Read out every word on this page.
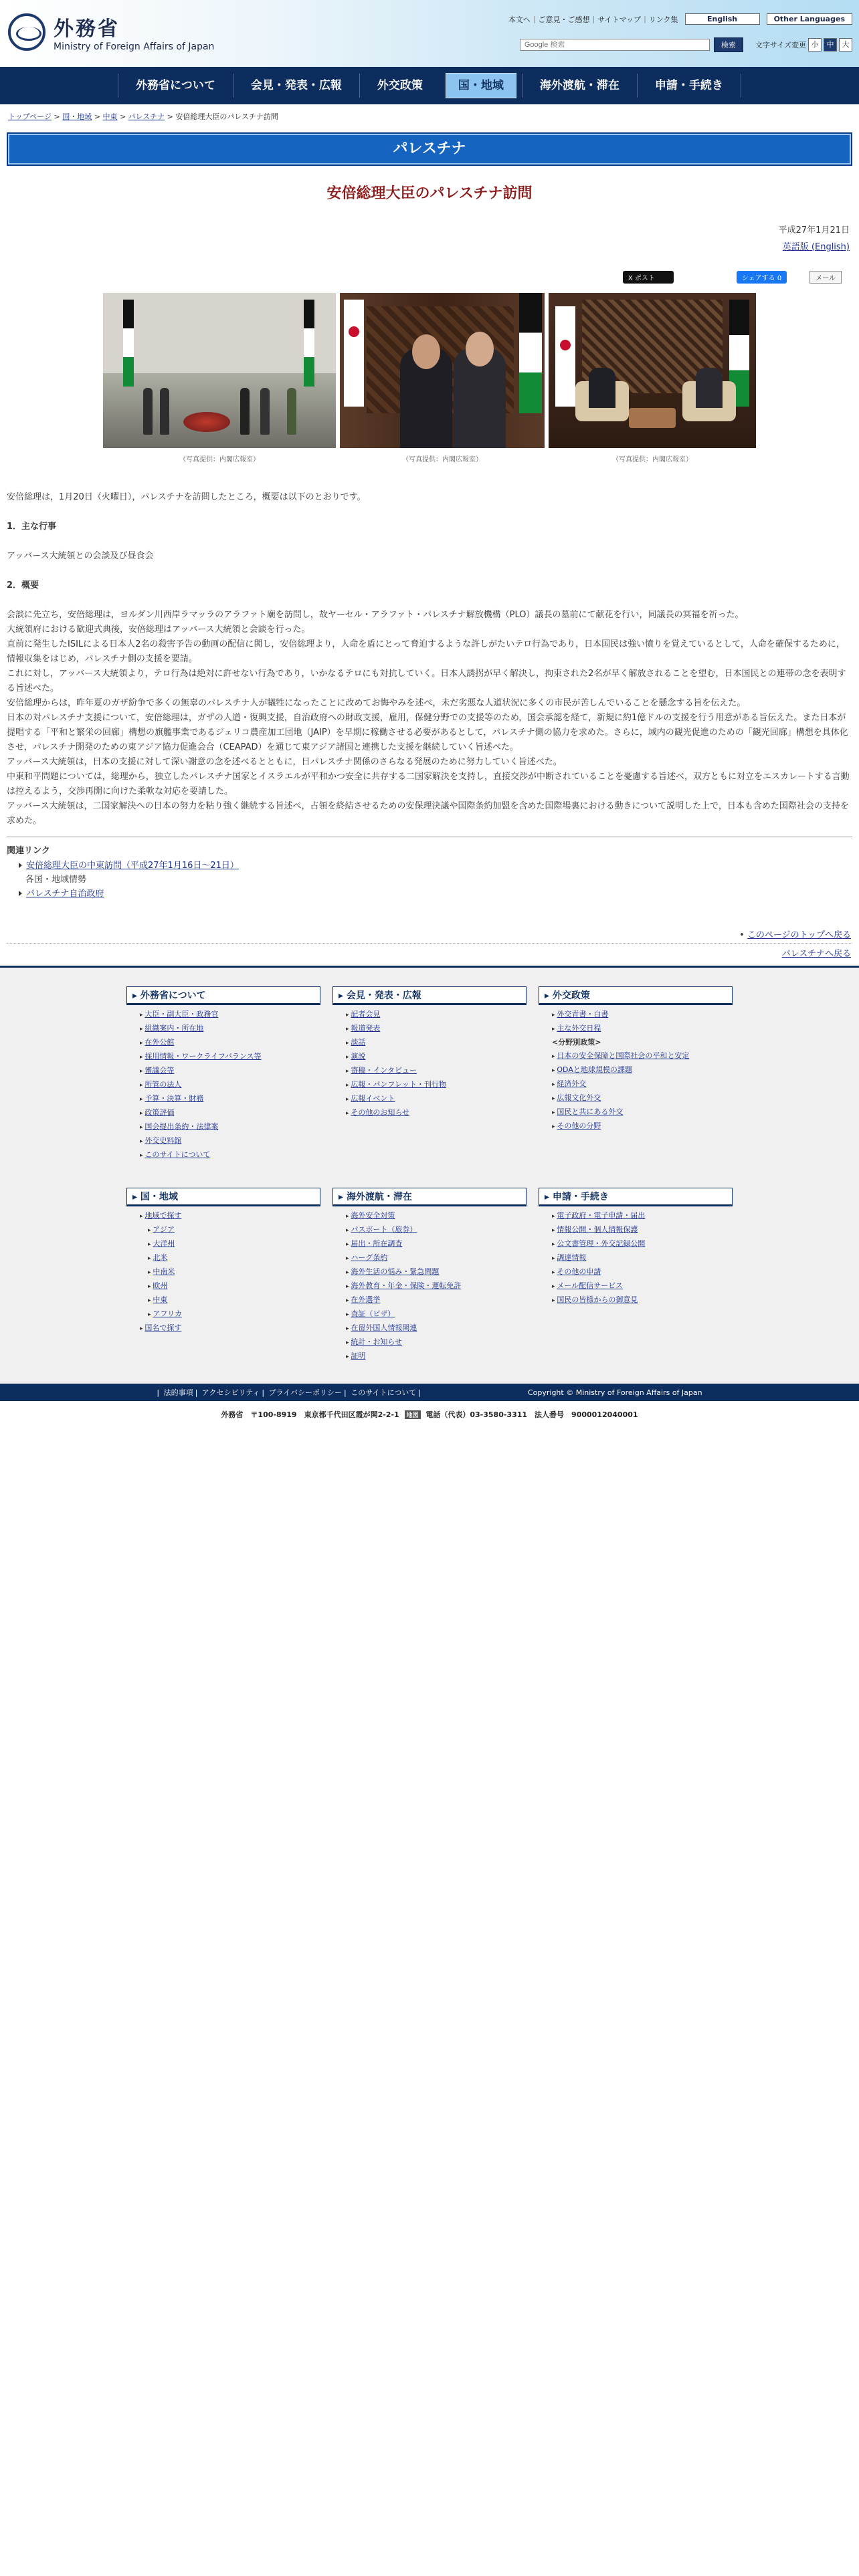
外務省
Ministry of Foreign Affairs of Japan
本文へ | ご意見・ご感想 | サイトマップ | リンク集	English	Other Languages
Google 検索
検索	文字サイズ変更 小	中	大
外務省について	会見・発表・広報	外交政策	国・地域	海外渡航・滞在	申請・手続き
トップページ > 国・地域 > 中東 > パレスチナ > 安倍総理大臣のパレスチナ訪問
パレスチナ
安倍総理大臣のパレスチナ訪問
平成27年1月21日
英語版 (English)
X ポスト	シェアする 0	メール
（写真提供：内閣広報室）	（写真提供：内閣広報室）	（写真提供：内閣広報室）

安倍総理は，1月20日（火曜日），パレスチナを訪問したところ，概要は以下のとおりです。

1．主な行事

アッバース大統領との会談及び昼食会

2．概要

会談に先立ち，安倍総理は，ヨルダン川西岸ラマッラのアラファト廟を訪問し，故ヤーセル・アラファト・パレスチナ解放機構（PLO）議長の墓前にて献花を行い，同議長の冥福を祈った。

大統領府における歓迎式典後，安倍総理はアッバース大統領と会談を行った。

直前に発生したISILによる日本人2名の殺害予告の動画の配信に関し，安倍総理より，人命を盾にとって脅迫するような許しがたいテロ行為であり，日本国民は強い憤りを覚えているとして，人命を確保するために，情報収集をはじめ，パレスチナ側の支援を要請。

これに対し，アッバース大統領より，テロ行為は絶対に許せない行為であり，いかなるテロにも対抗していく。日本人誘拐が早く解決し，拘束された2名が早く解放されることを望む，日本国民との連帯の念を表明する旨述べた。

安倍総理からは，昨年夏のガザ紛争で多くの無辜のパレスチナ人が犠牲になったことに改めてお悔やみを述べ，未だ劣悪な人道状況に多くの市民が苦しんでいることを懸念する旨を伝えた。

日本の対パレスチナ支援について，安倍総理は，ガザの人道・復興支援，自治政府への財政支援，雇用，保健分野での支援等のため，国会承認を経て，新規に約1億ドルの支援を行う用意がある旨伝えた。また日本が提唱する「平和と繁栄の回廊」構想の旗艦事業であるジェリコ農産加工団地（JAIP）を早期に稼働させる必要があるとして，パレスチナ側の協力を求めた。さらに，域内の観光促進のための「観光回廊」構想を具体化させ，パレスチナ開発のための東アジア協力促進会合（CEAPAD）を通じて東アジア諸国と連携した支援を継続していく旨述べた。

アッバース大統領は，日本の支援に対して深い謝意の念を述べるとともに，日パレスチナ関係のさらなる発展のために努力していく旨述べた。

中東和平問題については，総理から，独立したパレスチナ国家とイスラエルが平和かつ安全に共存する二国家解決を支持し，直接交渉が中断されていることを憂慮する旨述べ，双方ともに対立をエスカレートする言動は控えるよう，交渉再開に向けた柔軟な対応を要請した。

アッバース大統領は，二国家解決への日本の努力を粘り強く継続する旨述べ，占領を終結させるための安保理決議や国際条約加盟を含めた国際場裏における動きについて説明した上で，日本も含めた国際社会の支持を求めた。

関連リンク
安倍総理大臣の中東訪問（平成27年1月16日～21日）
各国・地域情勢
パレスチナ自治政府
• このページのトップへ戻る
パレスチナへ戻る
▸ 外務省について
▸ 大臣・副大臣・政務官
▸ 組織案内・所在地
▸ 在外公館
▸ 採用情報・ワークライフバランス等
▸ 審議会等
▸ 所管の法人
▸ 予算・決算・財務
▸ 政策評価
▸ 国会提出条約・法律案
▸ 外交史料館
▸ このサイトについて
▸ 会見・発表・広報
▸ 記者会見
▸ 報道発表
▸ 談話
▸ 演説
▸ 寄稿・インタビュー
▸ 広報・パンフレット・刊行物
▸ 広報イベント
▸ その他のお知らせ
▸ 外交政策
▸ 外交青書・白書
▸ 主な外交日程
<分野別政策>
▸ 日本の安全保障と国際社会の平和と安定
▸ ODAと地球規模の課題
▸ 経済外交
▸ 広報文化外交
▸ 国民と共にある外交
▸ その他の分野
▸ 国・地域
▸ 地域で探す
▸ アジア
▸ 大洋州
▸ 北米
▸ 中南米
▸ 欧州
▸ 中東
▸ アフリカ
▸ 国名で探す
▸ 海外渡航・滞在
▸ 海外安全対策
▸ パスポート（旅券）
▸ 届出・所在調査
▸ ハーグ条約
▸ 海外生活の悩み・緊急問題
▸ 海外教育・年金・保険・運転免許
▸ 在外選挙
▸ 査証（ビザ）
▸ 在留外国人情報関連
▸ 統計・お知らせ
▸ 証明
▸ 申請・手続き
▸ 電子政府・電子申請・届出
▸ 情報公開・個人情報保護
▸ 公文書管理・外交記録公開
▸ 調達情報
▸ その他の申請
▸ メール配信サービス
▸ 国民の皆様からの御意見
| 法的事項 | アクセシビリティ | プライバシーポリシー | このサイトについて |	Copyright © Ministry of Foreign Affairs of Japan
外務省　〒100-8919　東京都千代田区霞が関2-2-1 地図 電話（代表）03-3580-3311　法人番号　9000012040001
